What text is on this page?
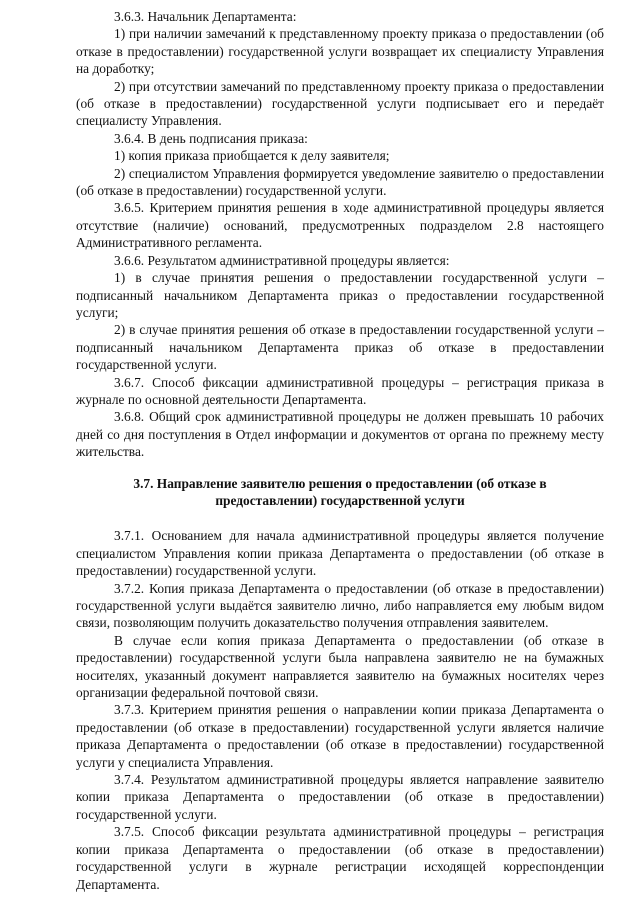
3.6.3. Начальник Департамента:

1) при наличии замечаний к представленному проекту приказа о предоставлении (об отказе в предоставлении) государственной услуги возвращает их специалисту Управления на доработку;

2) при отсутствии замечаний по представленному проекту приказа о предоставлении (об отказе в предоставлении) государственной услуги подписывает его и передаёт специалисту Управления.

3.6.4. В день подписания приказа:

1) копия приказа приобщается к делу заявителя;

2) специалистом Управления формируется уведомление заявителю о предоставлении (об отказе в предоставлении) государственной услуги.

3.6.5. Критерием принятия решения в ходе административной процедуры является отсутствие (наличие) оснований, предусмотренных подразделом 2.8 настоящего Административного регламента.

3.6.6. Результатом административной процедуры является:

1) в случае принятия решения о предоставлении государственной услуги – подписанный начальником Департамента приказ о предоставлении государственной услуги;

2) в случае принятия решения об отказе в предоставлении государственной услуги – подписанный начальником Департамента приказ об отказе в предоставлении государственной услуги.

3.6.7. Способ фиксации административной процедуры – регистрация приказа в журнале по основной деятельности Департамента.

3.6.8. Общий срок административной процедуры не должен превышать 10 рабочих дней со дня поступления в Отдел информации и документов от органа по прежнему месту жительства.

3.7. Направление заявителю решения о предоставлении (об отказе в предоставлении) государственной услуги

3.7.1. Основанием для начала административной процедуры является получение специалистом Управления копии приказа Департамента о предоставлении (об отказе в предоставлении) государственной услуги.

3.7.2. Копия приказа Департамента о предоставлении (об отказе в предоставлении) государственной услуги выдаётся заявителю лично, либо направляется ему любым видом связи, позволяющим получить доказательство получения отправления заявителем.

В случае если копия приказа Департамента о предоставлении (об отказе в предоставлении) государственной услуги была направлена заявителю не на бумажных носителях, указанный документ направляется заявителю на бумажных носителях через организации федеральной почтовой связи.

3.7.3. Критерием принятия решения о направлении копии приказа Департамента о предоставлении (об отказе в предоставлении) государственной услуги является наличие приказа Департамента о предоставлении (об отказе в предоставлении) государственной услуги у специалиста Управления.

3.7.4. Результатом административной процедуры является направление заявителю копии приказа Департамента о предоставлении (об отказе в предоставлении) государственной услуги.

3.7.5. Способ фиксации результата административной процедуры – регистрация копии приказа Департамента о предоставлении (об отказе в предоставлении) государственной услуги в журнале регистрации исходящей корреспонденции Департамента.
